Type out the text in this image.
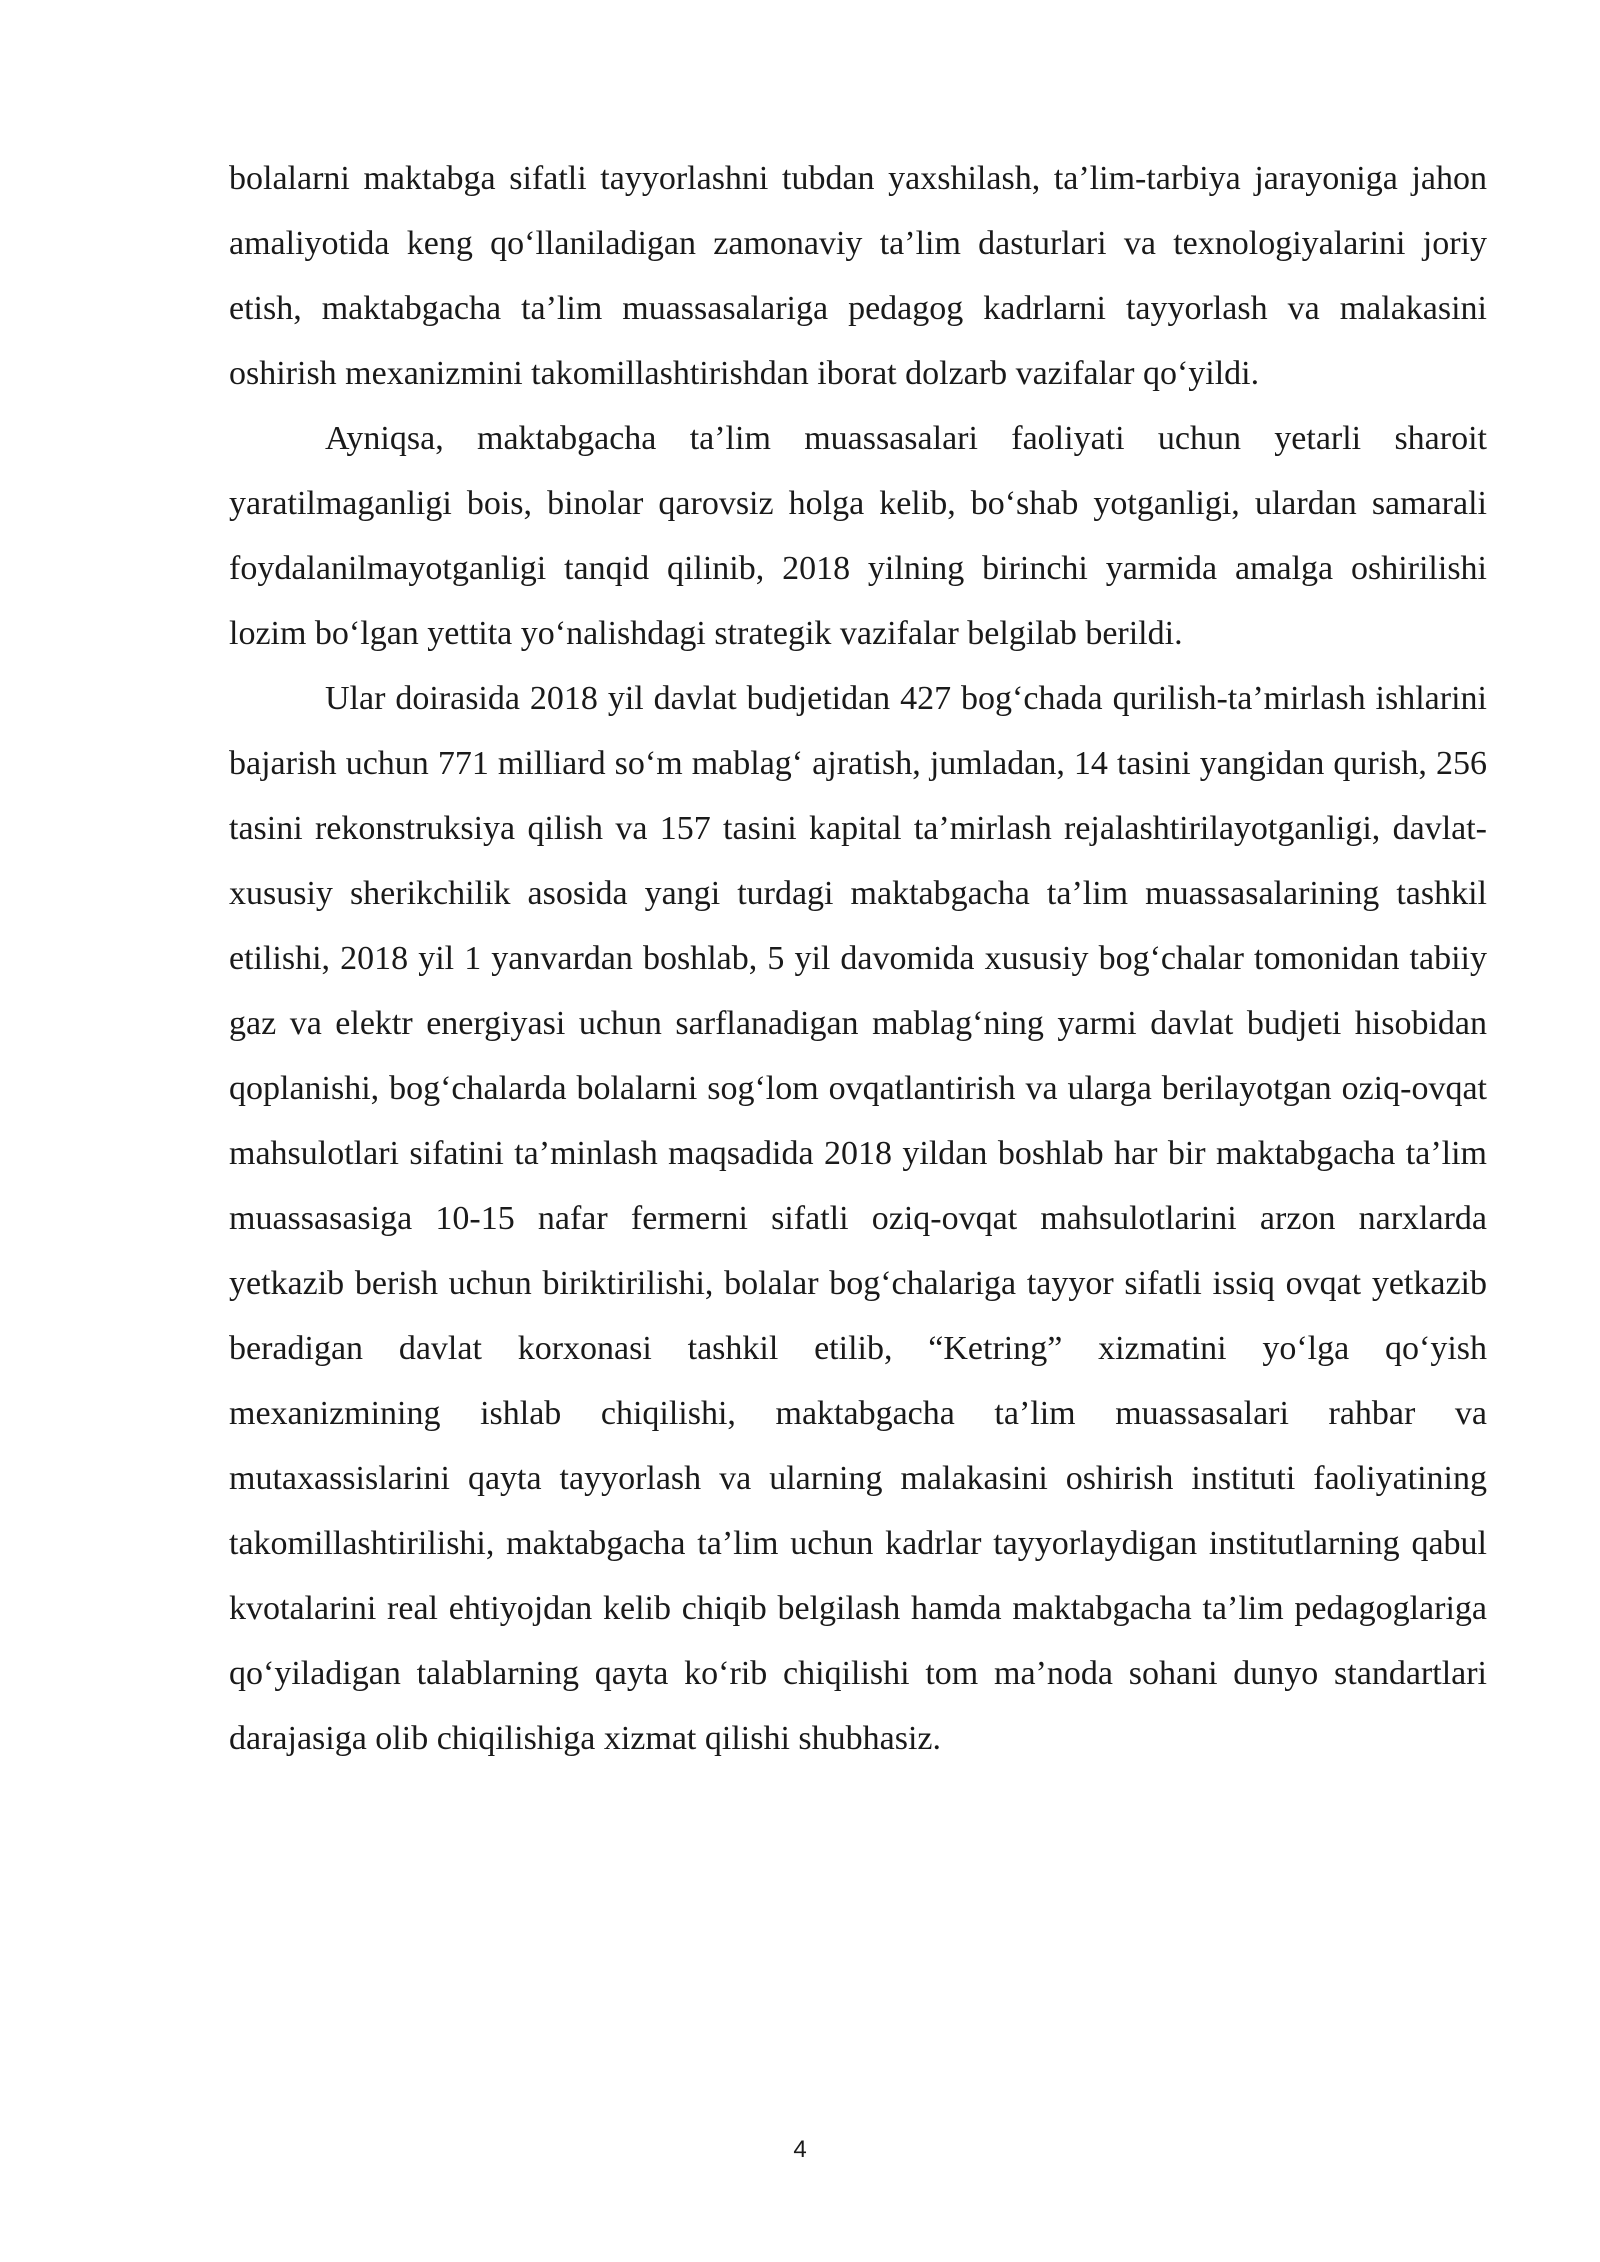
bolalarni maktabga sifatli tayyorlashni tubdan yaxshilash, ta’lim-tarbiya jarayoniga jahon amaliyotida keng qo‘llaniladigan zamonaviy ta’lim dasturlari va texnologiyalarini joriy etish, maktabgacha ta’lim muassasalariga pedagog kadrlarni tayyorlash va malakasini oshirish mexanizmini takomillashtirishdan iborat dolzarb vazifalar qo‘yildi.

Ayniqsa, maktabgacha ta’lim muassasalari faoliyati uchun yetarli sharoit yaratilmaganligi bois, binolar qarovsiz holga kelib, bo‘shab yotganligi, ulardan samarali foydalanilmayotganligi tanqid qilinib, 2018 yilning birinchi yarmida amalga oshirilishi lozim bo‘lgan yettita yo‘nalishdagi strategik vazifalar belgilab berildi.

Ular doirasida 2018 yil davlat budjetidan 427 bog‘chada qurilish-ta’mirlash ishlarini bajarish uchun 771 milliard so‘m mablag‘ ajratish, jumladan, 14 tasini yangidan qurish, 256 tasini rekonstruksiya qilish va 157 tasini kapital ta’mirlash rejalashtirilayotganligi, davlat-xususiy sherikchilik asosida yangi turdagi maktabgacha ta’lim muassasalarining tashkil etilishi, 2018 yil 1 yanvardan boshlab, 5 yil davomida xususiy bog‘chalar tomonidan tabiiy gaz va elektr energiyasi uchun sarflanadigan mablag‘ning yarmi davlat budjeti hisobidan qoplanishi, bog‘chalarda bolalarni sog‘lom ovqatlantirish va ularga berilayotgan oziq-ovqat mahsulotlari sifatini ta’minlash maqsadida 2018 yildan boshlab har bir maktabgacha ta’lim muassasasiga 10-15 nafar fermerni sifatli oziq-ovqat mahsulotlarini arzon narxlarda yetkazib berish uchun biriktirilishi, bolalar bog‘chalariga tayyor sifatli issiq ovqat yetkazib beradigan davlat korxonasi tashkil etilib, “Ketring” xizmatini yo‘lga qo‘yish mexanizmining ishlab chiqilishi, maktabgacha ta’lim muassasalari rahbar va mutaxassislarini qayta tayyorlash va ularning malakasini oshirish instituti faoliyatining takomillashtirilishi, maktabgacha ta’lim uchun kadrlar tayyorlaydigan institutlarning qabul kvotalarini real ehtiyojdan kelib chiqib belgilash hamda maktabgacha ta’lim pedagoglariga qo‘yiladigan talablarning qayta ko‘rib chiqilishi tom ma’noda sohani dunyo standartlari darajasiga olib chiqilishiga xizmat qilishi shubhasiz.

4
